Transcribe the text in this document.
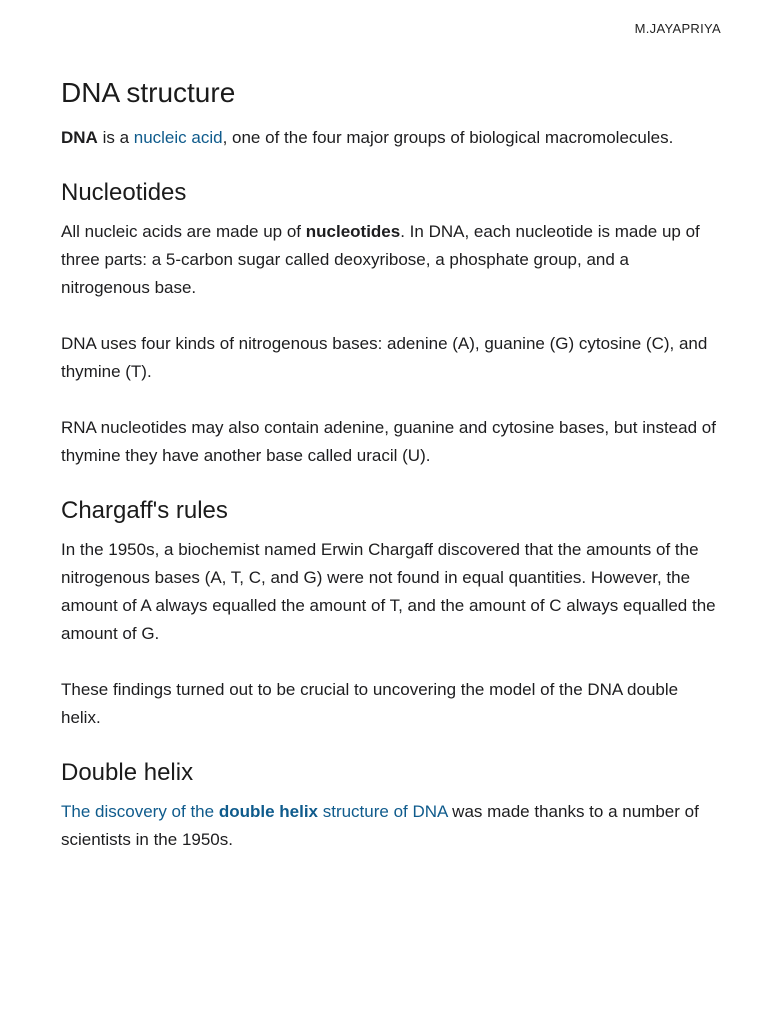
M.JAYAPRIYA
DNA structure

DNA is a nucleic acid, one of the four major groups of biological macromolecules.

Nucleotides

All nucleic acids are made up of nucleotides. In DNA, each nucleotide is made up of three parts: a 5-carbon sugar called deoxyribose, a phosphate group, and a nitrogenous base.

DNA uses four kinds of nitrogenous bases: adenine (A), guanine (G) cytosine (C), and thymine (T).

RNA nucleotides may also contain adenine, guanine and cytosine bases, but instead of thymine they have another base called uracil (U).

Chargaff's rules

In the 1950s, a biochemist named Erwin Chargaff discovered that the amounts of the nitrogenous bases (A, T, C, and G) were not found in equal quantities. However, the amount of A always equalled the amount of T, and the amount of C always equalled the amount of G.

These findings turned out to be crucial to uncovering the model of the DNA double helix.

Double helix

The discovery of the double helix structure of DNA was made thanks to a number of scientists in the 1950s.
